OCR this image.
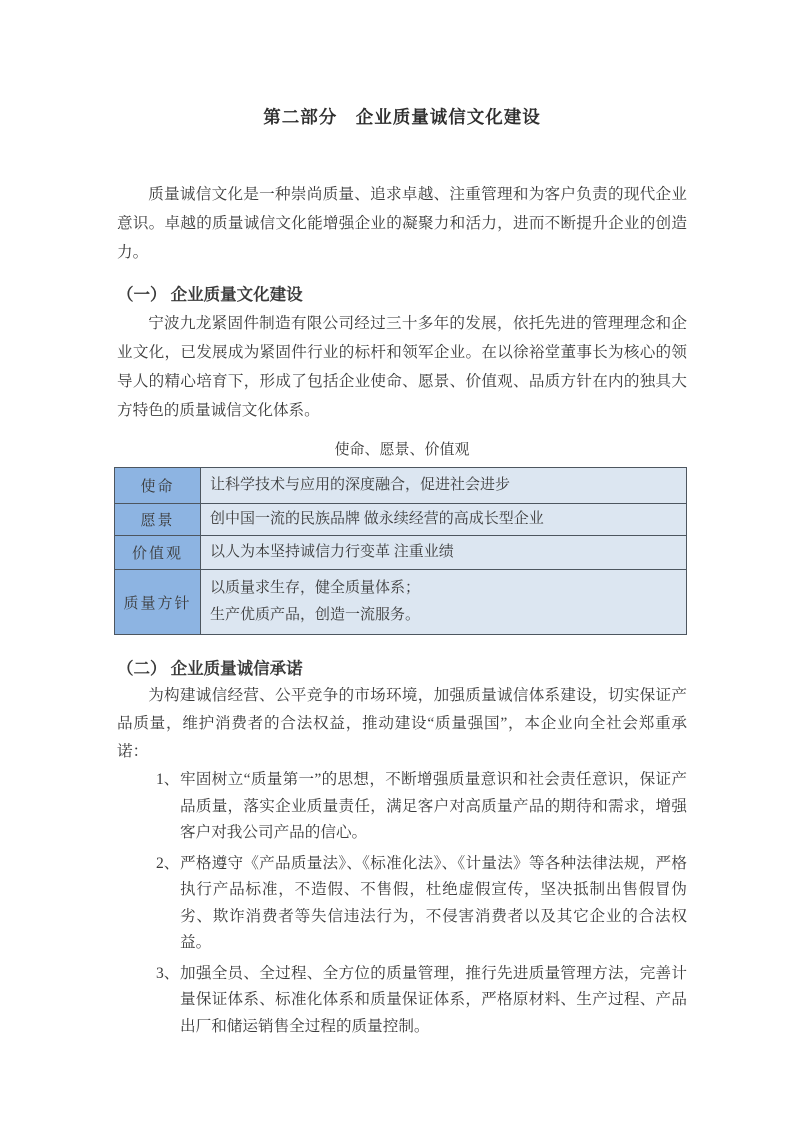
第二部分　企业质量诚信文化建设

质量诚信文化是一种崇尚质量、追求卓越、注重管理和为客户负责的现代企业意识。卓越的质量诚信文化能增强企业的凝聚力和活力，进而不断提升企业的创造力。

（一） 企业质量文化建设

宁波九龙紧固件制造有限公司经过三十多年的发展，依托先进的管理理念和企业文化，已发展成为紧固件行业的标杆和领军企业。在以徐裕堂董事长为核心的领导人的精心培育下，形成了包括企业使命、愿景、价值观、品质方针在内的独具大方特色的质量诚信文化体系。

使命、愿景、价值观
使命	让科学技术与应用的深度融合，促进社会进步

愿景	创中国一流的民族品牌 做永续经营的高成长型企业

价值观	以人为本坚持诚信力行变革 注重业绩

质量方针	以质量求生存，健全质量体系；
生产优质产品，创造一流服务。
（二） 企业质量诚信承诺

为构建诚信经营、公平竞争的市场环境，加强质量诚信体系建设，切实保证产品质量，维护消费者的合法权益，推动建设“质量强国”，本企业向全社会郑重承诺：

1、 牢固树立“质量第一”的思想，不断增强质量意识和社会责任意识，保证产品质量，落实企业质量责任，满足客户对高质量产品的期待和需求，增强客户对我公司产品的信心。
2、 严格遵守《产品质量法》、《标准化法》、《计量法》等各种法律法规，严格执行产品标准，不造假、不售假，杜绝虚假宣传，坚决抵制出售假冒伪劣、欺诈消费者等失信违法行为，不侵害消费者以及其它企业的合法权益。
3、 加强全员、全过程、全方位的质量管理，推行先进质量管理方法，完善计量保证体系、标准化体系和质量保证体系，严格原材料、生产过程、产品出厂和储运销售全过程的质量控制。
